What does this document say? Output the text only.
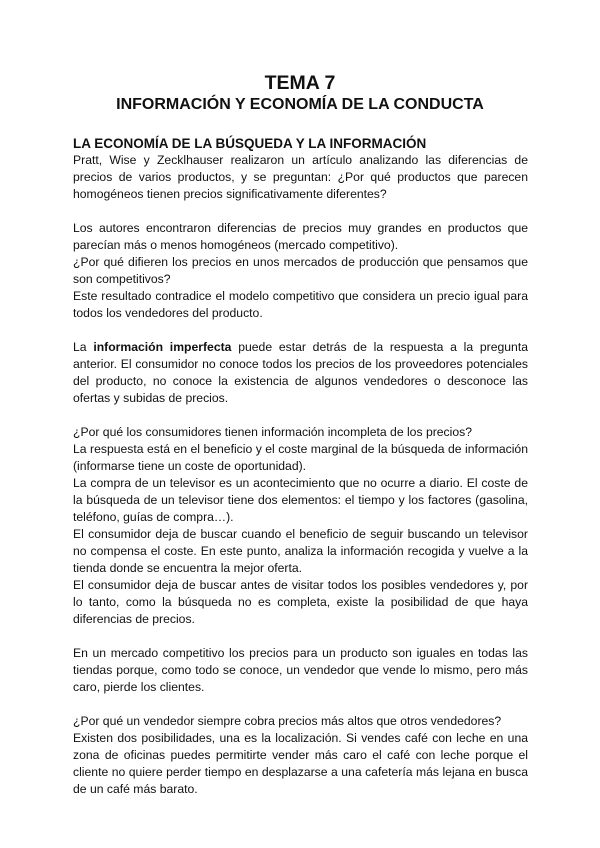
TEMA 7
INFORMACIÓN Y ECONOMÍA DE LA CONDUCTA
LA ECONOMÍA DE LA BÚSQUEDA Y LA INFORMACIÓN

Pratt, Wise y Zecklhauser realizaron un artículo analizando las diferencias de precios de varios productos, y se preguntan: ¿Por qué productos que parecen homogéneos tienen precios significativamente diferentes?

Los autores encontraron diferencias de precios muy grandes en productos que parecían más o menos homogéneos (mercado competitivo).

¿Por qué difieren los precios en unos mercados de producción que pensamos que son competitivos?

Este resultado contradice el modelo competitivo que considera un precio igual para todos los vendedores del producto.

La información imperfecta puede estar detrás de la respuesta a la pregunta anterior. El consumidor no conoce todos los precios de los proveedores potenciales del producto, no conoce la existencia de algunos vendedores o desconoce las ofertas y subidas de precios.

¿Por qué los consumidores tienen información incompleta de los precios?

La respuesta está en el beneficio y el coste marginal de la búsqueda de información (informarse tiene un coste de oportunidad).

La compra de un televisor es un acontecimiento que no ocurre a diario. El coste de la búsqueda de un televisor tiene dos elementos: el tiempo y los factores (gasolina, teléfono, guías de compra…).

El consumidor deja de buscar cuando el beneficio de seguir buscando un televisor no compensa el coste. En este punto, analiza la información recogida y vuelve a la tienda donde se encuentra la mejor oferta.

El consumidor deja de buscar antes de visitar todos los posibles vendedores y, por lo tanto, como la búsqueda no es completa, existe la posibilidad de que haya diferencias de precios.

En un mercado competitivo los precios para un producto son iguales en todas las tiendas porque, como todo se conoce, un vendedor que vende lo mismo, pero más caro, pierde los clientes.

¿Por qué un vendedor siempre cobra precios más altos que otros vendedores?

Existen dos posibilidades, una es la localización. Si vendes café con leche en una zona de oficinas puedes permitirte vender más caro el café con leche porque el cliente no quiere perder tiempo en desplazarse a una cafetería más lejana en busca de un café más barato.
